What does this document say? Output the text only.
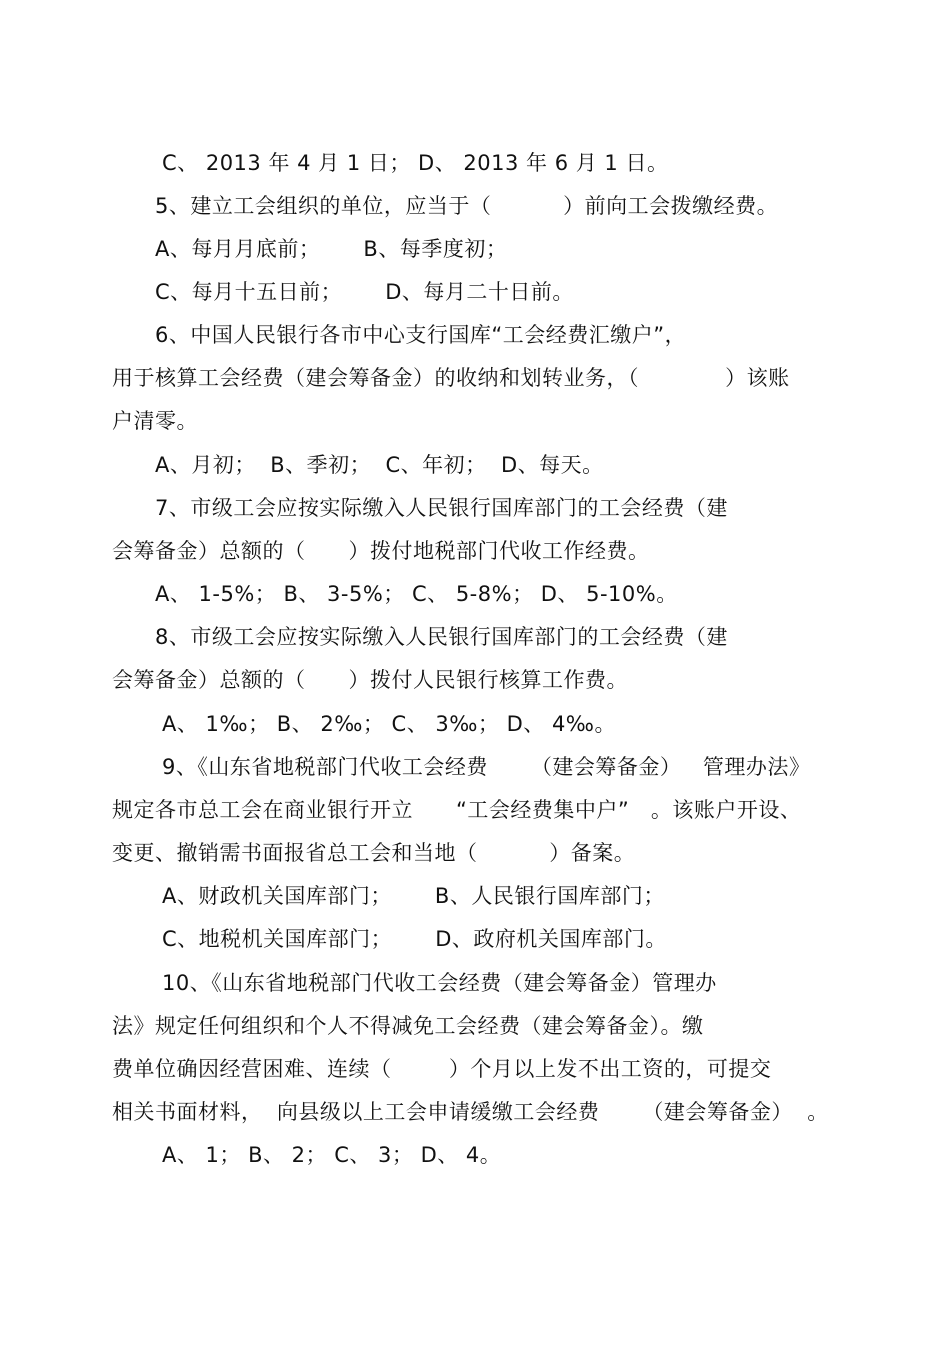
C、 2013 年 4 月 1 日； D、 2013 年 6 月 1 日。
5、建立工会组织的单位，应当于（          ）前向工会拨缴经费。
A、每月月底前；      B、每季度初；
C、每月十五日前；      D、每月二十日前。
6、中国人民银行各市中心支行国库“工会经费汇缴户”，
用于核算工会经费（建会筹备金）的收纳和划转业务，（            ）该账
户清零。
A、月初；  B、季初；  C、年初；  D、每天。
7、市级工会应按实际缴入人民银行国库部门的工会经费（建
会筹备金）总额的（      ）拨付地税部门代收工作经费。
A、 1-5%； B、 3-5%； C、 5-8%； D、 5-10%。
8、市级工会应按实际缴入人民银行国库部门的工会经费（建
会筹备金）总额的（      ）拨付人民银行核算工作费。
A、 1‰； B、 2‰； C、 3‰； D、 4‰。
9、《山东省地税部门代收工会经费      （建会筹备金）   管理办法》
规定各市总工会在商业银行开立      “工会经费集中户”   。该账户开设、
变更、撤销需书面报省总工会和当地（          ）备案。
A、财政机关国库部门；      B、人民银行国库部门；
C、地税机关国库部门；      D、政府机关国库部门。
10、《山东省地税部门代收工会经费（建会筹备金）管理办
法》规定任何组织和个人不得减免工会经费（建会筹备金）。缴
费单位确因经营困难、连续（        ）个月以上发不出工资的，可提交
相关书面材料，  向县级以上工会申请缓缴工会经费      （建会筹备金）  。
A、 1； B、 2； C、 3； D、 4。
